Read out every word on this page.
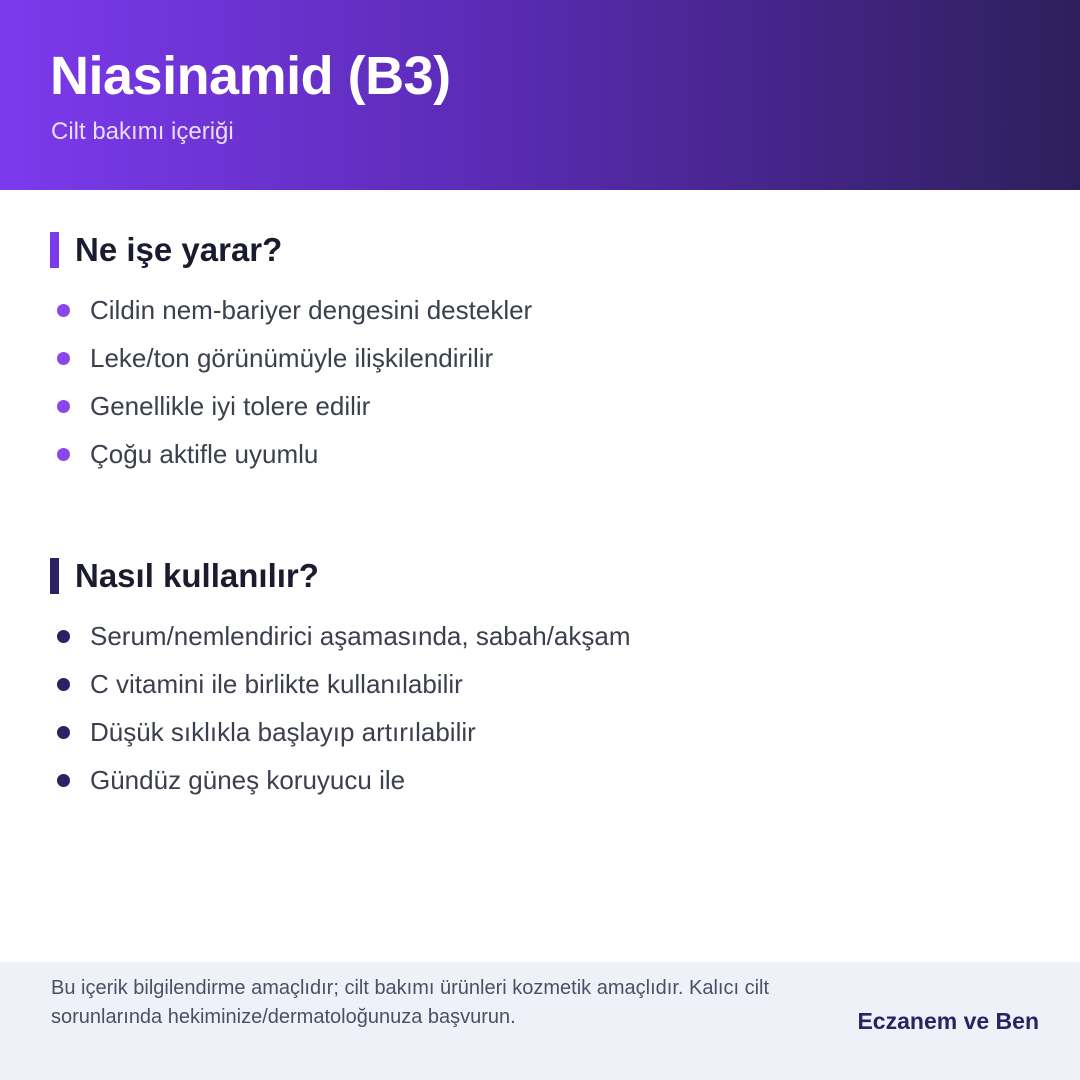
Niasinamid (B3)

Cilt bakımı içeriği

Ne işe yarar?
Cildin nem-bariyer dengesini destekler
Leke/ton görünümüyle ilişkilendirilir
Genellikle iyi tolere edilir
Çoğu aktifle uyumlu
Nasıl kullanılır?
Serum/nemlendirici aşamasında, sabah/akşam
C vitamini ile birlikte kullanılabilir
Düşük sıklıkla başlayıp artırılabilir
Gündüz güneş koruyucu ile

Bu içerik bilgilendirme amaçlıdır; cilt bakımı ürünleri kozmetik amaçlıdır. Kalıcı cilt sorunlarında hekiminize/dermatoloğunuza başvurun.	Eczanem ve Ben
